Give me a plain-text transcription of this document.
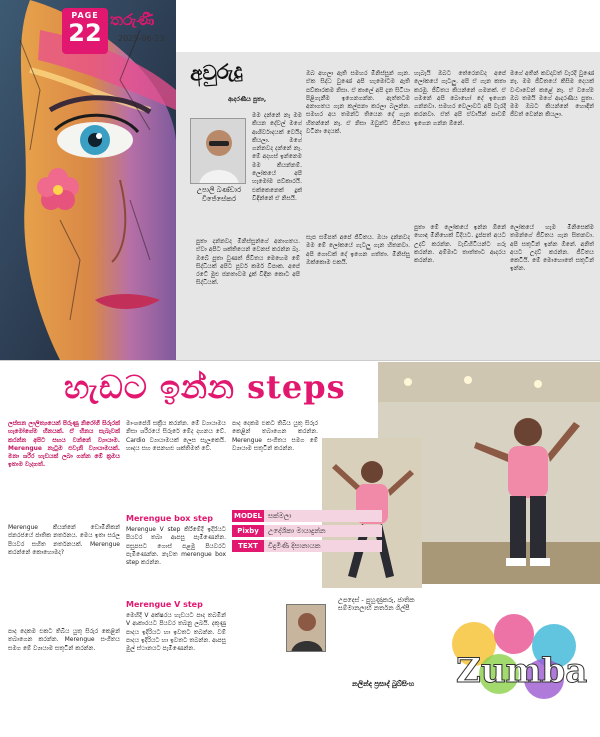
PAGE
22 තරුණී
2025-06-23
අවුරුදු
උපාලි බණ්ඩාර විජේසේකර
ආදරණීය පුතා,
මම දන්නේ නෑ මම කියන දේවල් මගේ ආශිර්වාදයක් වෙයිද කියලා. මගේ ගන්නවද දන්නේ නෑ. මේ අදහස් ඉන්නෙම මම කියන්නම්. ලෝකයේ අපි හැමෝම පව්කාරයි. එක්කෙනෙක් දුක් විඳින්නේ ඒ නිසයි.
පුතා දන්නවද මිනිස්සුන්ගේ අනාගතය. ඒවා අපිට ශක්තියෙන් වෙනස් කරන්න බෑ. ඔබේ පුතා වුණත් ජීවිතය මෙහෙම මේ සිද්ධියක් අපිට පූර්ව කර්ම විපාක. අපේ රටේ මුළු ජනතාවම දුක් විඳින කොට අපි සිද්ධියක්.
ඔබ අහලා ඇති සමහර මිනිස්සුන් ගැන. ඒක සිද්ධ වුණේ අපි හැමෝටම ඇති පව්කාරකම නිසා. ඒ කාලේ අපි දැන සිටියා පිළිගැනීම ඉගෙනගන්න. ඇත්තටම අනාගතය ගැන කල්පනා කරලා බලන්න. සමහර අය තමන්ට තියෙන දේ ගැන හිතන්නේ නෑ. ඒ නිසා ඔවුන්ට ජීවිතය වටිනා දෙයක්.
සැප සම්පත් අපේ ජීවිතය. ඔයා දන්නවද මම මේ ලෝකයේ ගැටලු ගැන හිතනවා. අපි ගොඩක් දේ ඉගෙන ගත්තා. මිනිස්සු ඔක්කොම එකයි.
හැබැයි ඔබට තේරෙනවද අපේ ලෝකයේ ගැටලු. අපි ඒ ගැන කතා කරමු. ජීවිතය කියන්නේ ගමනක්. ඒ ගමනේ අපි බොහෝ දේ ඉගෙන ගන්නවා. සමහර වෙලාවට අපි වැරදි කරනවා. ඒත් අපි ඒවායින් පාඩම් ඉගෙන ගන්න ඕනේ.
පුතා මේ ලෝකයේ ඉන්න ඕනේ හොඳ මිනිහෙක් විදියට. දුප්පත් අයට උදව් කරන්න. වැඩිහිටියන්ට ගරු කරන්න. අම්මාට තාත්තාට ආදරය කරන්න.
මගේ අතින් කවදාවත් වැරදි වුණේ නෑ. මම ජීවිතයේ කිසිම දෙයක් වංචාවෙන් කළේ නෑ. ඒ වගේම ඔබ තමයි මගේ ආදරණීය පුතා. මම ඔබට කියන්නේ හොඳින් ජීවත් වෙන්න කියලා.
ලෝකයේ හැම මිනිසෙක්ම තමන්ගේ ජීවිතය ගැන සිතනවා. අපි සතුටින් ඉන්න ඕනේ. අනිත් අයට උදව් කරන්න. ජීවිතය කෙටියි. මේ මොහොතේ සතුටින් ඉන්න.
හැඩට ඉන්න steps
ලස්සන ලාලිත්‍යයෙන් පිරුණු නිරෝගී සිරුරක් හැමෝගේම හීනයක්. ඒ හීනය සැබෑවක් කරන්න අපිට සහය වන්නේ ව්‍යායාම. Merengue නැටුම එවැනි ව්‍යායාමයක්. මනා ශරීර හැඩයක් ලබා ගන්න මේ ක්‍රමය ඉතාම වැදගත්.
Merengue කියන්නේ ඩොමිනිකන් ජනරජයේ ජාතික නර්තනය. මෙය ඉතා සරල පියවර සහිත නර්තනයක්. Merengue කරන්නේ කොහොමද?
පාද දෙකම එකට තිබිය යුතු සිරුර කෙළින් තබාගෙන කරන්න. Merengue සංගීතය සමග මේ ව්‍යායාම සතුටින් කරන්න.
මාංශපේශී සක්‍රීය කරන්න. මේ ව්‍යායාමය නිසා ශරීරයේ සිරුරේ මේද දහනය වේ. Cardio ව්‍යායාමයක් ලෙස සැලකෙයි. හෘදය සහ පෙනහළු ශක්තිමත් වේ.
Merengue box step
Merengue V step කිරීමේදී ඉදිරියට පියවර තබා ආපසු පැමිණෙන්න. පසුපසට ගොස් පළමු පියවරට පැමිණෙන්න. නැවත merengue box step කරන්න.
Merengue V step
මෙහිදී V අක්ෂරය හැඩයට පාද තබමින් V ආකාරයට පියවර තබනු ලබයි. දකුණු පාදය ඉදිරියට හා ඉවතට තබන්න. වම් පාදය ඉදිරියට හා ඉවතට තබන්න. ආපසු මුල් ස්ථානයට පැමිණෙන්න.
පාද දෙකම එකට තිබිය යුතු සිරුර කෙළින් තබාගෙන කරන්න. Merengue සංගීතය සමග මේ ව්‍යායාම සතුටින් කරන්න.
MODEL සක්මලා
Pixby	උදේශිකා මායාදුන්න
TEXT	චිදුමිණී දිසානායක
උපදෙස් - පුහුණුකරු, ජාතික සම්මානලාභී නර්තන ශිල්පී
නලින්ද ප්‍රසාද් බුබ්සිංහ	Zumba
